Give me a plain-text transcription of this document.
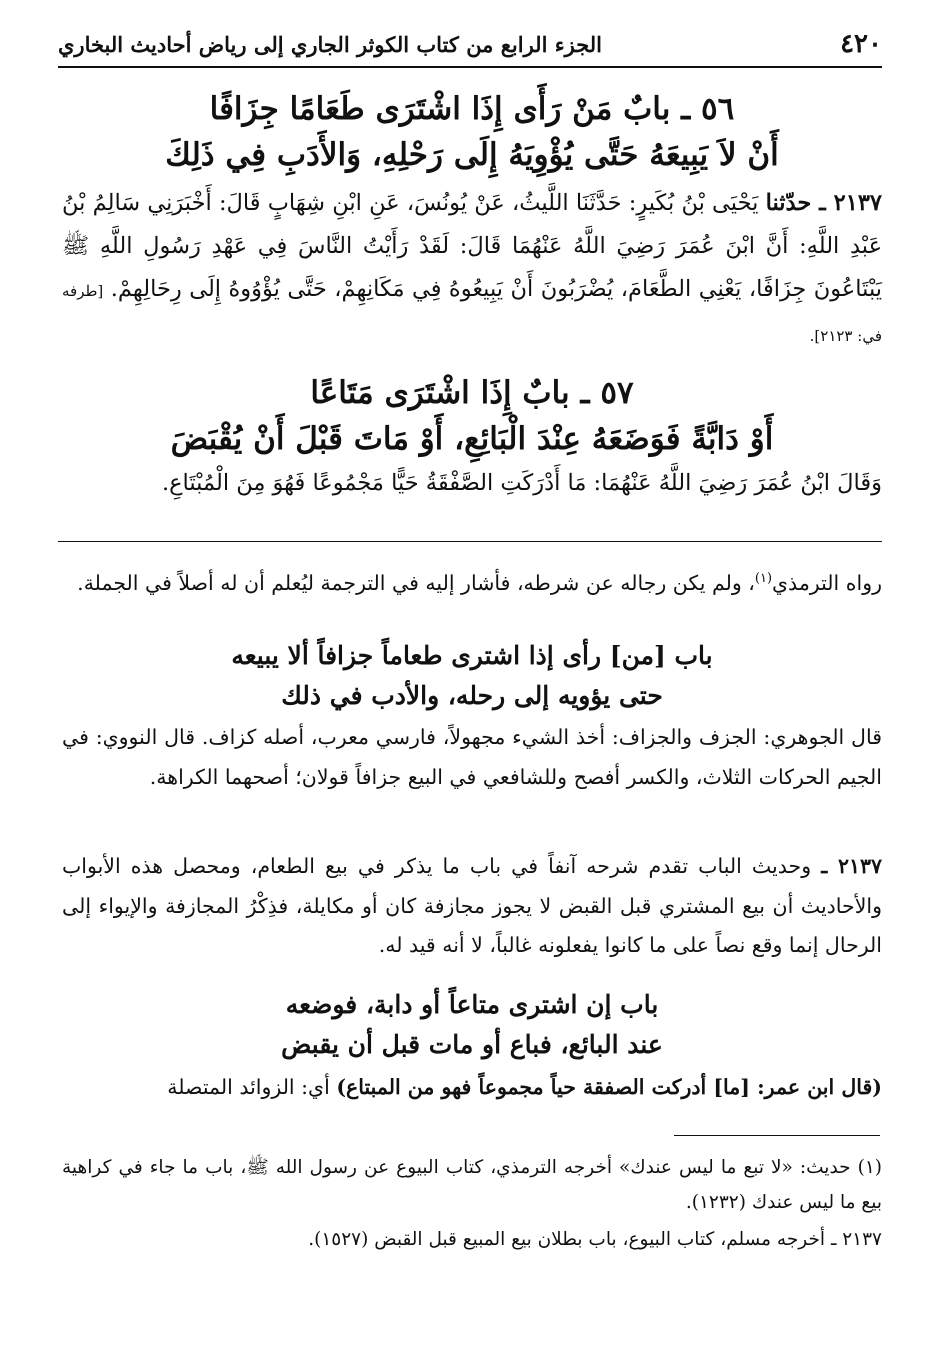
٤٢٠
الجزء الرابع من كتاب الكوثر الجاري إلى رياض أحاديث البخاري
٥٦ ـ بابٌ مَنْ رَأَى إِذَا اشْتَرَى طَعَامًا جِزَافًا
أَنْ لاَ يَبِيعَهُ حَتَّى يُؤْوِيَهُ إِلَى رَحْلِهِ، وَالأَدَبِ فِي ذَلِكَ
٢١٣٧ ـ حدّثنا يَحْيَى بْنُ بُكَيرٍ: حَدَّثَنَا اللَّيثُ، عَنْ يُونُسَ، عَنِ ابْنِ شِهَابٍ قَالَ: أَخْبَرَنِي سَالِمُ بْنُ عَبْدِ اللَّهِ: أَنَّ ابْنَ عُمَرَ رَضِيَ اللَّهُ عَنْهُمَا قَالَ: لَقَدْ رَأَيْتُ النَّاسَ فِي عَهْدِ رَسُولِ اللَّهِ ﷺ يَبْتَاعُونَ جِزَافًا، يَعْنِي الطَّعَامَ، يُضْرَبُونَ أَنْ يَبِيعُوهُ فِي مَكَانِهِمْ، حَتَّى يُؤْوُوهُ إِلَى رِحَالِهِمْ. [طرفه في: ٢١٢٣].
٥٧ ـ بابٌ إِذَا اشْتَرَى مَتَاعًا
أَوْ دَابَّةً فَوَضَعَهُ عِنْدَ الْبَائِعِ، أَوْ مَاتَ قَبْلَ أَنْ يُقْبَضَ
وَقَالَ ابْنُ عُمَرَ رَضِيَ اللَّهُ عَنْهُمَا: مَا أَدْرَكَتِ الصَّفْقَةُ حَيًّا مَجْمُوعًا فَهُوَ مِنَ الْمُبْتَاعِ.
رواه الترمذي$^{(١)}$، ولم يكن رجاله عن شرطه، فأشار إليه في الترجمة ليُعلم أن له أصلاً في الجملة.
باب [من] رأى إذا اشترى طعاماً جزافاً ألا يبيعه
حتى يؤويه إلى رحله، والأدب في ذلك
قال الجوهري: الجزف والجزاف: أخذ الشيء مجهولاً، فارسي معرب، أصله كزاف. قال النووي: في الجيم الحركات الثلاث، والكسر أفصح وللشافعي في البيع جزافاً قولان؛ أصحهما الكراهة.
٢١٣٧ ـ وحديث الباب تقدم شرحه آنفاً في باب ما يذكر في بيع الطعام، ومحصل هذه الأبواب والأحاديث أن بيع المشتري قبل القبض لا يجوز مجازفة كان أو مكايلة، فذِكْرُ المجازفة والإيواء إلى الرحال إنما وقع نصاً على ما كانوا يفعلونه غالباً، لا أنه قيد له.
باب إن اشترى متاعاً أو دابة، فوضعه
عند البائع، فباع أو مات قبل أن يقبض
(قال ابن عمر: [ما] أدركت الصفقة حياً مجموعاً فهو من المبتاع) أي: الزوائد المتصلة
(١) حديث: «لا تبع ما ليس عندك» أخرجه الترمذي، كتاب البيوع عن رسول الله ﷺ، باب ما جاء في كراهية بيع ما ليس عندك (١٢٣٢).
٢١٣٧ ـ أخرجه مسلم، كتاب البيوع، باب بطلان بيع المبيع قبل القبض (١٥٢٧).
